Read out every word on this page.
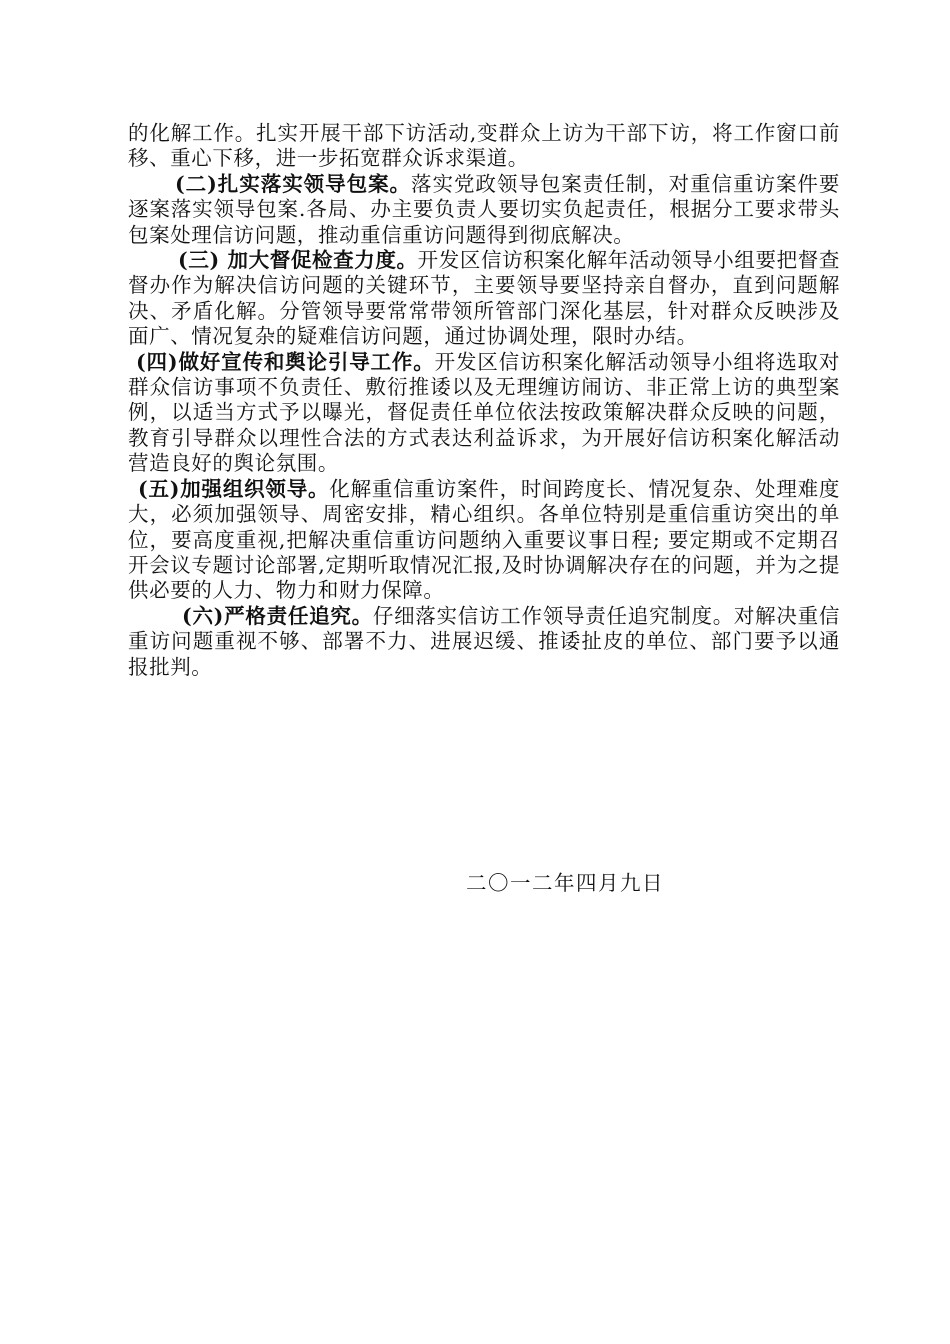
的化解工作。扎实开展干部下访活动,变群众上访为干部下访，将工作窗口前移、重心下移，进一步拓宽群众诉求渠道。

(二)扎实落实领导包案。落实党政领导包案责任制，对重信重访案件要逐案落实领导包案.各局、办主要负责人要切实负起责任，根据分工要求带头包案处理信访问题，推动重信重访问题得到彻底解决。

(三) 加大督促检查力度。开发区信访积案化解年活动领导小组要把督查督办作为解决信访问题的关键环节，主要领导要坚持亲自督办，直到问题解决、矛盾化解。分管领导要常常带领所管部门深化基层，针对群众反映涉及面广、情况复杂的疑难信访问题，通过协调处理，限时办结。

(四)做好宣传和舆论引导工作。开发区信访积案化解活动领导小组将选取对群众信访事项不负责任、敷衍推诿以及无理缠访闹访、非正常上访的典型案例，以适当方式予以曝光，督促责任单位依法按政策解决群众反映的问题，教育引导群众以理性合法的方式表达利益诉求，为开展好信访积案化解活动营造良好的舆论氛围。

(五)加强组织领导。化解重信重访案件，时间跨度长、情况复杂、处理难度大，必须加强领导、周密安排，精心组织。各单位特别是重信重访突出的单位，要高度重视,把解决重信重访问题纳入重要议事日程; 要定期或不定期召开会议专题讨论部署,定期听取情况汇报,及时协调解决存在的问题，并为之提供必要的人力、物力和财力保障。

(六)严格责任追究。仔细落实信访工作领导责任追究制度。对解决重信重访问题重视不够、部署不力、进展迟缓、推诿扯皮的单位、部门要予以通报批判。

二〇一二年四月九日
